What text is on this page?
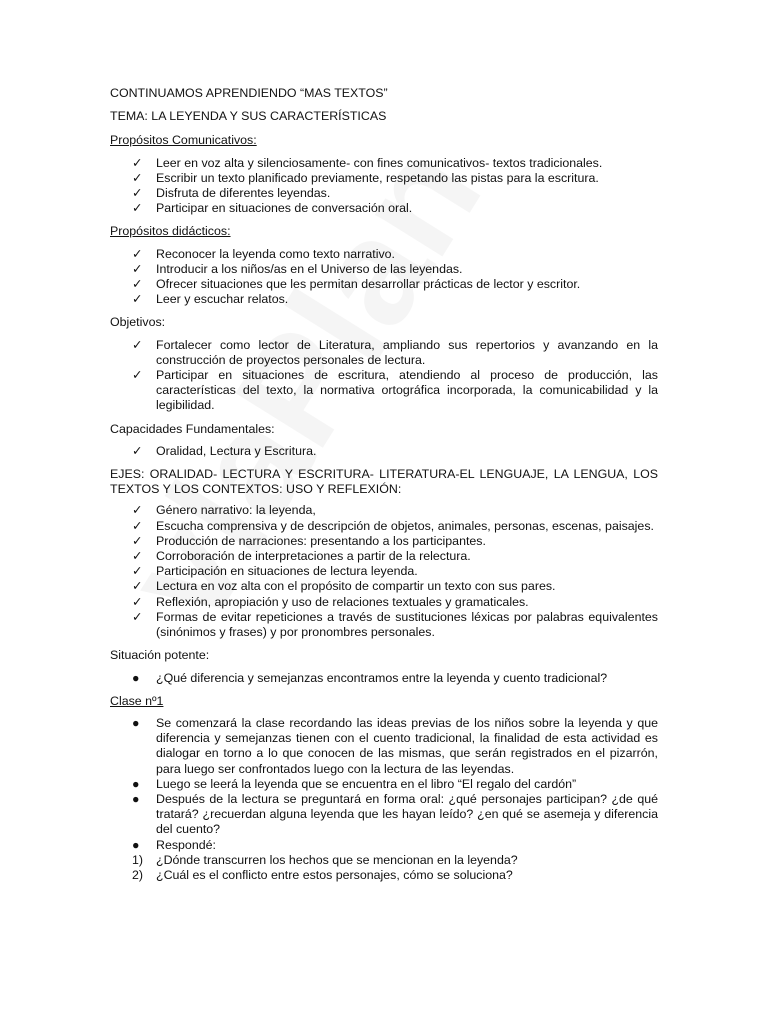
CONTINUAMOS APRENDIENDO “MAS TEXTOS”

TEMA: LA LEYENDA Y SUS CARACTERÍSTICAS

Propósitos Comunicativos:

✓	Leer en voz alta y silenciosamente- con fines comunicativos- textos tradicionales.
✓	Escribir un texto planificado previamente, respetando las pistas para la escritura.
✓	Disfruta de diferentes leyendas.
✓	Participar en situaciones de conversación oral.

Propósitos didácticos:

✓	Reconocer la leyenda como texto narrativo.
✓	Introducir a los niños/as en el Universo de las leyendas.
✓	Ofrecer situaciones que les permitan desarrollar prácticas de lector y escritor.
✓	Leer y escuchar relatos.

Objetivos:

✓	Fortalecer como lector de Literatura, ampliando sus repertorios y avanzando en la construcción de proyectos personales de lectura.
✓	Participar en situaciones de escritura, atendiendo al proceso de producción, las características del texto, la normativa ortográfica incorporada, la comunicabilidad y la legibilidad.

Capacidades Fundamentales:

✓	Oralidad, Lectura y Escritura.

EJES: ORALIDAD- LECTURA Y ESCRITURA- LITERATURA-EL LENGUAJE, LA LENGUA, LOS TEXTOS Y LOS CONTEXTOS: USO Y REFLEXIÓN:

✓	Género narrativo: la leyenda,
✓	Escucha comprensiva y de descripción de objetos, animales, personas, escenas, paisajes.
✓	Producción de narraciones: presentando a los participantes.
✓	Corroboración de interpretaciones a partir de la relectura.
✓	Participación en situaciones de lectura leyenda.
✓	Lectura en voz alta con el propósito de compartir un texto con sus pares.
✓	Reflexión, apropiación y uso de relaciones textuales y gramaticales.
✓	Formas de evitar repeticiones a través de sustituciones léxicas por palabras equivalentes (sinónimos y frases) y por pronombres personales.

Situación potente:

●	¿Qué diferencia y semejanzas encontramos entre la leyenda y cuento tradicional?

Clase nº1

●	Se comenzará la clase recordando las ideas previas de los niños sobre la leyenda y que diferencia y semejanzas tienen con el cuento tradicional, la finalidad de esta actividad es dialogar en torno a lo que conocen de las mismas, que serán registrados en el pizarrón, para luego ser confrontados luego con la lectura de las leyendas.
●	Luego se leerá la leyenda que se encuentra en el libro “El regalo del cardón”
●	Después de la lectura se preguntará en forma oral: ¿qué personajes participan? ¿de qué tratará? ¿recuerdan alguna leyenda que les hayan leído? ¿en qué se asemeja y diferencia del cuento?
●	Respondé:
1)	¿Dónde transcurren los hechos que se mencionan en la leyenda?
2)	¿Cuál es el conflicto entre estos personajes, cómo se soluciona?
